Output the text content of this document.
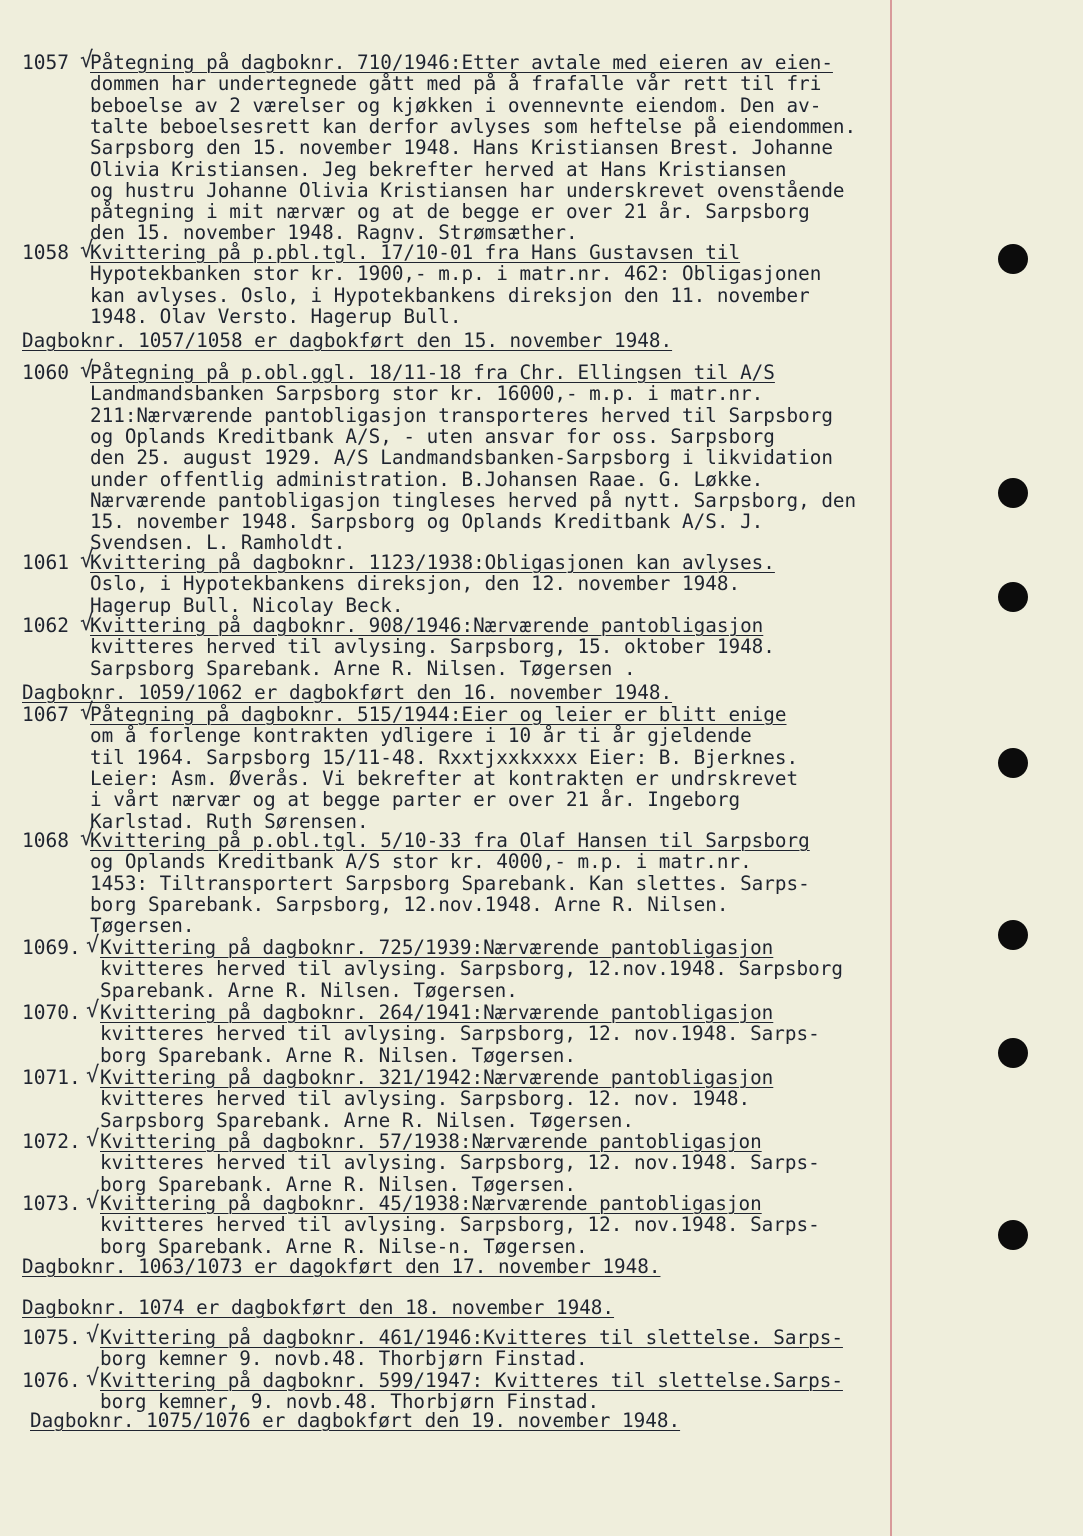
1057 √
Påtegning på dagboknr. 710/1946:Etter avtale med eieren av eien-
dommen har undertegnede gått med på å frafalle vår rett til fri
beboelse av 2 værelser og kjøkken i ovennevnte eiendom. Den av-
talte beboelsesrett kan derfor avlyses som heftelse på eiendommen.
Sarpsborg den 15. november 1948. Hans Kristiansen Brest. Johanne
Olivia Kristiansen. Jeg bekrefter herved at Hans Kristiansen
og hustru Johanne Olivia Kristiansen har underskrevet ovenstående
påtegning i mit nærvær og at de begge er over 21 år. Sarpsborg
den 15. november 1948. Ragnv. Strømsæther.
1058 √
Kvittering på p.pbl.tgl. 17/10-01 fra Hans Gustavsen til
Hypotekbanken stor kr. 1900,- m.p. i matr.nr. 462: Obligasjonen
kan avlyses. Oslo, i Hypotekbankens direksjon den 11. november
1948. Olav Versto. Hagerup Bull.
Dagboknr. 1057/1058 er dagbokført den 15. november 1948.
1060 √
Påtegning på p.obl.ggl. 18/11-18 fra Chr. Ellingsen til A/S
Landmandsbanken Sarpsborg stor kr. 16000,- m.p. i matr.nr.
211:Nærværende pantobligasjon transporteres herved til Sarpsborg
og Oplands Kreditbank A/S, - uten ansvar for oss. Sarpsborg
den 25. august 1929. A/S Landmandsbanken-Sarpsborg i likvidation
under offentlig administration. B.Johansen Raae. G. Løkke.
Nærværende pantobligasjon tingleses herved på nytt. Sarpsborg, den
15. november 1948. Sarpsborg og Oplands Kreditbank A/S. J.
Svendsen. L. Ramholdt.
1061 √
Kvittering på dagboknr. 1123/1938:Obligasjonen kan avlyses.
Oslo, i Hypotekbankens direksjon, den 12. november 1948.
Hagerup Bull. Nicolay Beck.
1062 √
Kvittering på dagboknr. 908/1946:Nærværende pantobligasjon
kvitteres herved til avlysing. Sarpsborg, 15. oktober 1948.
Sarpsborg Sparebank. Arne R. Nilsen. Tøgersen .
Dagboknr. 1059/1062 er dagbokført den 16. november 1948.
1067 √
Påtegning på dagboknr. 515/1944:Eier og leier er blitt enige
om å forlenge kontrakten ydligere i 10 år ti år gjeldende
til 1964. Sarpsborg 15/11-48. Rxxtjxxkxxxx Eier: B. Bjerknes.
Leier: Asm. Øverås. Vi bekrefter at kontrakten er undrskrevet
i vårt nærvær og at begge parter er over 21 år. Ingeborg
Karlstad. Ruth Sørensen.
1068 √
Kvittering på p.obl.tgl. 5/10-33 fra Olaf Hansen til Sarpsborg
og Oplands Kreditbank A/S stor kr. 4000,- m.p. i matr.nr.
1453: Tiltransportert Sarpsborg Sparebank. Kan slettes. Sarps-
borg Sparebank. Sarpsborg, 12.nov.1948. Arne R. Nilsen.
Tøgersen.
1069. √ Kvittering på dagboknr. 725/1939:Nærværende pantobligasjon
kvitteres herved til avlysing. Sarpsborg, 12.nov.1948. Sarpsborg
Sparebank. Arne R. Nilsen. Tøgersen.
1070. √ Kvittering på dagboknr. 264/1941:Nærværende pantobligasjon
kvitteres herved til avlysing. Sarpsborg, 12. nov.1948. Sarps-
borg Sparebank. Arne R. Nilsen. Tøgersen.
1071. √ Kvittering på dagboknr. 321/1942:Nærværende pantobligasjon
kvitteres herved til avlysing. Sarpsborg. 12. nov. 1948.
Sarpsborg Sparebank. Arne R. Nilsen. Tøgersen.
1072. √ Kvittering på dagboknr. 57/1938:Nærværende pantobligasjon
kvitteres herved til avlysing. Sarpsborg, 12. nov.1948. Sarps-
borg Sparebank. Arne R. Nilsen. Tøgersen.
1073. √ Kvittering på dagboknr. 45/1938:Nærværende pantobligasjon
kvitteres herved til avlysing. Sarpsborg, 12. nov.1948. Sarps-
borg Sparebank. Arne R. Nilse-n. Tøgersen.
Dagboknr. 1063/1073 er dagokført den 17. november 1948.
Dagboknr. 1074 er dagbokført den 18. november 1948.
1075. √ Kvittering på dagboknr. 461/1946:Kvitteres til slettelse. Sarps-
borg kemner 9. novb.48. Thorbjørn Finstad.
1076. √ Kvittering på dagboknr. 599/1947: Kvitteres til slettelse.Sarps-
borg kemner, 9. novb.48. Thorbjørn Finstad.
Dagboknr. 1075/1076 er dagbokført den 19. november 1948.
